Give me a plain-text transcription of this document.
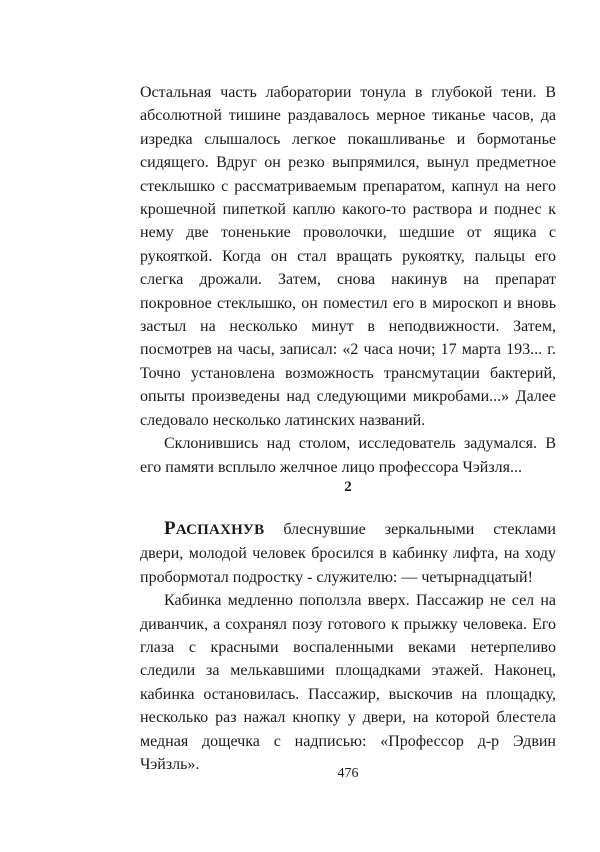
Остальная часть лаборатории тонула в глубокой тени. В абсолютной тишине раздавалось мерное тиканье часов, да изредка слышалось легкое покашливанье и бормотанье сидящего. Вдруг он резко выпрямился, вынул предметное стеклышко с рассматриваемым препаратом, капнул на него крошечной пипеткой каплю какого-то раствора и поднес к нему две тоненькие проволочки, шедшие от ящика с рукояткой. Когда он стал вращать рукоятку, пальцы его слегка дрожали. Затем, снова накинув на препарат покровное стеклышко, он поместил его в мироскоп и вновь застыл на несколько минут в неподвижности. Затем, посмотрев на часы, записал: «2 часа ночи; 17 марта 193... г. Точно установлена возможность трансмутации бактерий, опыты произведены над следующими микробами...» Далее следовало несколько латинских названий.

Склонившись над столом, исследователь задумался. В его памяти всплыло желчное лицо профессора Чэйзля...

2

РАСПАХНУВ блеснувшие зеркальными стеклами двери, молодой человек бросился в кабинку лифта, на ходу пробормотал подростку - служителю: — четырнадцатый!

Кабинка медленно поползла вверх. Пассажир не сел на диванчик, а сохранял позу готового к прыжку человека. Его глаза с красными воспаленными веками нетерпеливо следили за мелькавшими площадками этажей. Наконец, кабинка остановилась. Пассажир, выскочив на площадку, несколько раз нажал кнопку у двери, на которой блестела медная дощечка с надписью: «Профессор д-р Эдвин Чэйзль».

476
